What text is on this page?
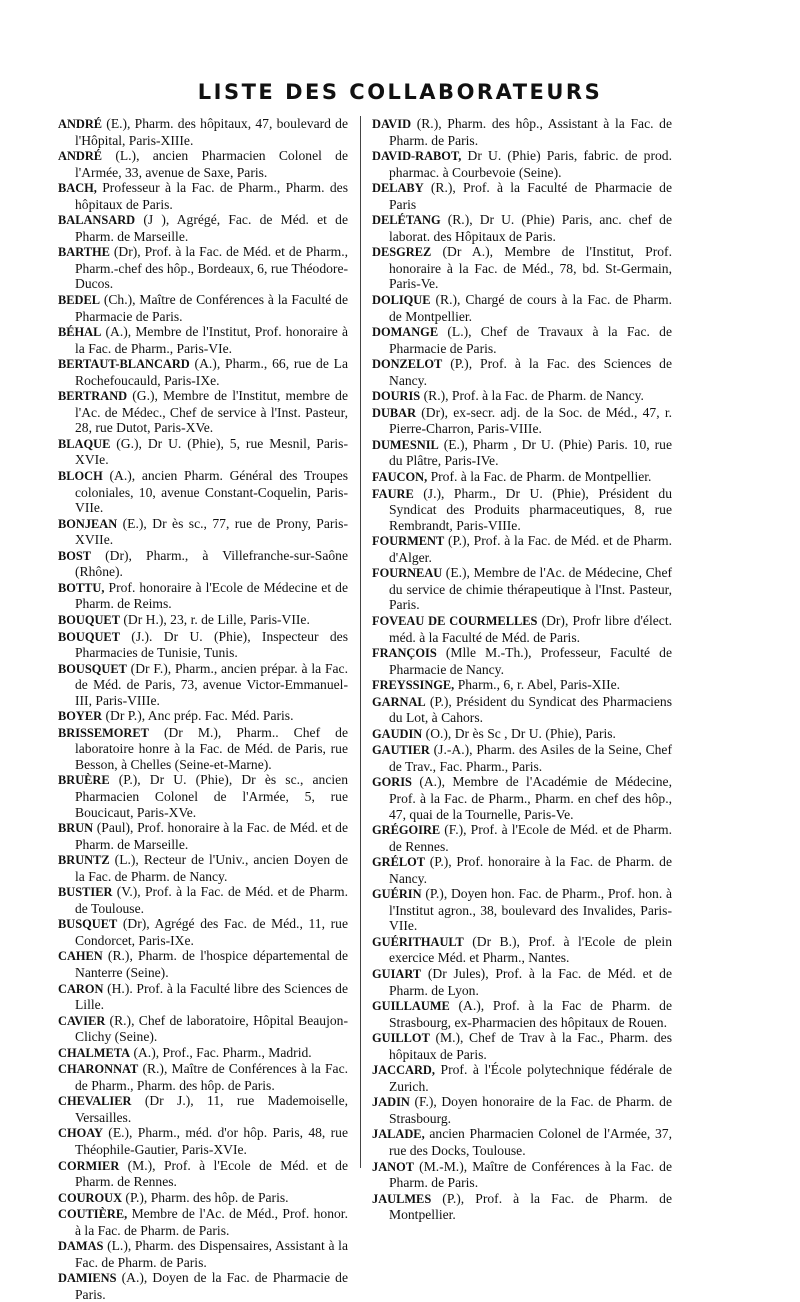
LISTE DES COLLABORATEURS

ANDRÉ (E.), Pharm. des hôpitaux, 47, boulevard de l'Hôpital, Paris-XIIIe.

ANDRÉ (L.), ancien Pharmacien Colonel de l'Armée, 33, avenue de Saxe, Paris.

BACH, Professeur à la Fac. de Pharm., Pharm. des hôpitaux de Paris.

BALANSARD (J ), Agrégé, Fac. de Méd. et de Pharm. de Marseille.

BARTHE (Dr), Prof. à la Fac. de Méd. et de Pharm., Pharm.-chef des hôp., Bordeaux, 6, rue Théodore-Ducos.

BEDEL (Ch.), Maître de Conférences à la Faculté de Pharmacie de Paris.

BÉHAL (A.), Membre de l'Institut, Prof. honoraire à la Fac. de Pharm., Paris-VIe.

BERTAUT-BLANCARD (A.), Pharm., 66, rue de La Rochefoucauld, Paris-IXe.

BERTRAND (G.), Membre de l'Institut, membre de l'Ac. de Médec., Chef de service à l'Inst. Pasteur, 28, rue Dutot, Paris-XVe.

BLAQUE (G.), Dr U. (Phie), 5, rue Mesnil, Paris-XVIe.

BLOCH (A.), ancien Pharm. Général des Troupes coloniales, 10, avenue Constant-Coquelin, Paris-VIIe.

BONJEAN (E.), Dr ès sc., 77, rue de Prony, Paris-XVIIe.

BOST (Dr), Pharm., à Villefranche-sur-Saône (Rhône).

BOTTU, Prof. honoraire à l'Ecole de Médecine et de Pharm. de Reims.

BOUQUET (Dr H.), 23, r. de Lille, Paris-VIIe.

BOUQUET (J.). Dr U. (Phie), Inspecteur des Pharmacies de Tunisie, Tunis.

BOUSQUET (Dr F.), Pharm., ancien prépar. à la Fac. de Méd. de Paris, 73, avenue Victor-Emmanuel-III, Paris-VIIIe.

BOYER (Dr P.), Anc prép. Fac. Méd. Paris.

BRISSEMORET (Dr M.), Pharm.. Chef de laboratoire honre à la Fac. de Méd. de Paris, rue Besson, à Chelles (Seine-et-Marne).

BRUÈRE (P.), Dr U. (Phie), Dr ès sc., ancien Pharmacien Colonel de l'Armée, 5, rue Boucicaut, Paris-XVe.

BRUN (Paul), Prof. honoraire à la Fac. de Méd. et de Pharm. de Marseille.

BRUNTZ (L.), Recteur de l'Univ., ancien Doyen de la Fac. de Pharm. de Nancy.

BUSTIER (V.), Prof. à la Fac. de Méd. et de Pharm. de Toulouse.

BUSQUET (Dr), Agrégé des Fac. de Méd., 11, rue Condorcet, Paris-IXe.

CAHEN (R.), Pharm. de l'hospice départemental de Nanterre (Seine).

CARON (H.). Prof. à la Faculté libre des Sciences de Lille.

CAVIER (R.), Chef de laboratoire, Hôpital Beaujon-Clichy (Seine).

CHALMETA (A.), Prof., Fac. Pharm., Madrid.

CHARONNAT (R.), Maître de Conférences à la Fac. de Pharm., Pharm. des hôp. de Paris.

CHEVALIER (Dr J.), 11, rue Mademoiselle, Versailles.

CHOAY (E.), Pharm., méd. d'or hôp. Paris, 48, rue Théophile-Gautier, Paris-XVIe.

CORMIER (M.), Prof. à l'Ecole de Méd. et de Pharm. de Rennes.

COUROUX (P.), Pharm. des hôp. de Paris.

COUTIÈRE, Membre de l'Ac. de Méd., Prof. honor. à la Fac. de Pharm. de Paris.

DAMAS (L.), Pharm. des Dispensaires, Assistant à la Fac. de Pharm. de Paris.

DAMIENS (A.), Doyen de la Fac. de Pharmacie de Paris.

DAVID (R.), Pharm. des hôp., Assistant à la Fac. de Pharm. de Paris.

DAVID-RABOT, Dr U. (Phie) Paris, fabric. de prod. pharmac. à Courbevoie (Seine).

DELABY (R.), Prof. à la Faculté de Pharmacie de Paris

DELÉTANG (R.), Dr U. (Phie) Paris, anc. chef de laborat. des Hôpitaux de Paris.

DESGREZ (Dr A.), Membre de l'Institut, Prof. honoraire à la Fac. de Méd., 78, bd. St-Germain, Paris-Ve.

DOLIQUE (R.), Chargé de cours à la Fac. de Pharm. de Montpellier.

DOMANGE (L.), Chef de Travaux à la Fac. de Pharmacie de Paris.

DONZELOT (P.), Prof. à la Fac. des Sciences de Nancy.

DOURIS (R.), Prof. à la Fac. de Pharm. de Nancy.

DUBAR (Dr), ex-secr. adj. de la Soc. de Méd., 47, r. Pierre-Charron, Paris-VIIIe.

DUMESNIL (E.), Pharm , Dr U. (Phie) Paris. 10, rue du Plâtre, Paris-IVe.

FAUCON, Prof. à la Fac. de Pharm. de Montpellier.

FAURE (J.), Pharm., Dr U. (Phie), Président du Syndicat des Produits pharmaceutiques, 8, rue Rembrandt, Paris-VIIIe.

FOURMENT (P.), Prof. à la Fac. de Méd. et de Pharm. d'Alger.

FOURNEAU (E.), Membre de l'Ac. de Médecine, Chef du service de chimie thérapeutique à l'Inst. Pasteur, Paris.

FOVEAU DE COURMELLES (Dr), Profr libre d'élect. méd. à la Faculté de Méd. de Paris.

FRANÇOIS (Mlle M.-Th.), Professeur, Faculté de Pharmacie de Nancy.

FREYSSINGE, Pharm., 6, r. Abel, Paris-XIIe.

GARNAL (P.), Président du Syndicat des Pharmaciens du Lot, à Cahors.

GAUDIN (O.), Dr ès Sc , Dr U. (Phie), Paris.

GAUTIER (J.-A.), Pharm. des Asiles de la Seine, Chef de Trav., Fac. Pharm., Paris.

GORIS (A.), Membre de l'Académie de Médecine, Prof. à la Fac. de Pharm., Pharm. en chef des hôp., 47, quai de la Tournelle, Paris-Ve.

GRÉGOIRE (F.), Prof. à l'Ecole de Méd. et de Pharm. de Rennes.

GRÉLOT (P.), Prof. honoraire à la Fac. de Pharm. de Nancy.

GUÉRIN (P.), Doyen hon. Fac. de Pharm., Prof. hon. à l'Institut agron., 38, boulevard des Invalides, Paris-VIIe.

GUÉRITHAULT (Dr B.), Prof. à l'Ecole de plein exercice Méd. et Pharm., Nantes.

GUIART (Dr Jules), Prof. à la Fac. de Méd. et de Pharm. de Lyon.

GUILLAUME (A.), Prof. à la Fac de Pharm. de Strasbourg, ex-Pharmacien des hôpitaux de Rouen.

GUILLOT (M.), Chef de Trav à la Fac., Pharm. des hôpitaux de Paris.

JACCARD, Prof. à l'École polytechnique fédérale de Zurich.

JADIN (F.), Doyen honoraire de la Fac. de Pharm. de Strasbourg.

JALADE, ancien Pharmacien Colonel de l'Armée, 37, rue des Docks, Toulouse.

JANOT (M.-M.), Maître de Conférences à la Fac. de Pharm. de Paris.

JAULMES (P.), Prof. à la Fac. de Pharm. de Montpellier.
